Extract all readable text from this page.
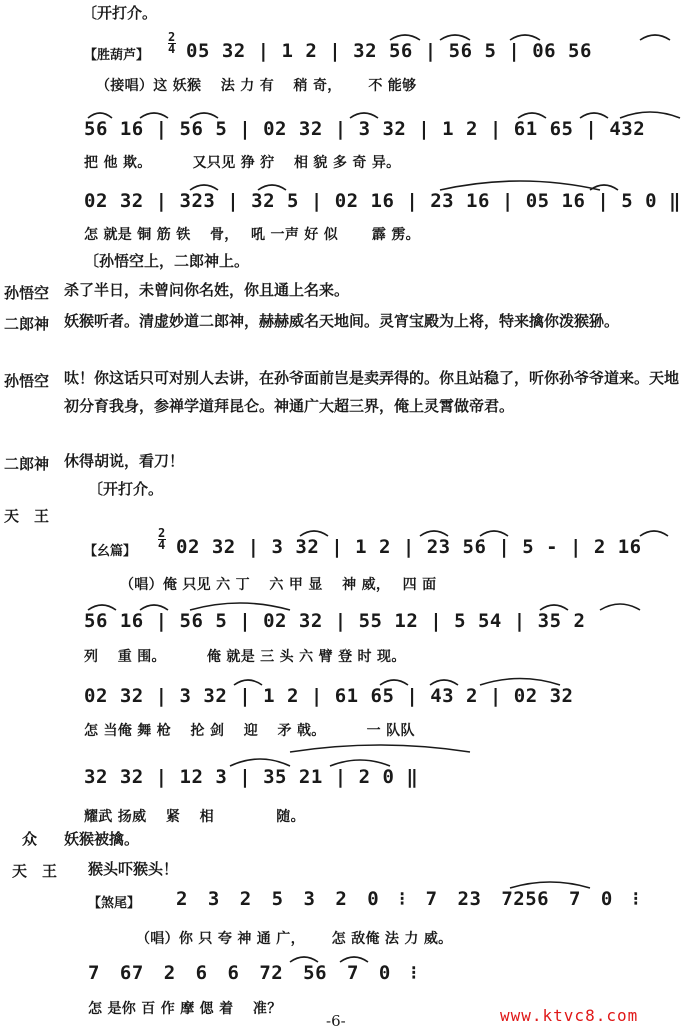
〔开打介。
【胜葫芦】
2
4 05 32 | 1 2 | 32 56 | 56 5 | 06 56
（接唱）这 妖猴　 法 力 有　 稍 奇，　　 不 能够
56 16 | 56 5 | 02 32 | 3 32 | 1 2 | 61 65 | 432
把 他 欺。　　　 又只见 狰 狞　 相 貌 多 奇 异。
02 32 | 323 | 32 5 | 02 16 | 23 16 | 05 16 | 5 0 ‖
怎 就是 铜 筋 铁　 骨，　 吼 一声 好 似　　 霹 雳。
〔孙悟空上，二郎神上。
孙悟空 杀了半日，未曾问你名姓，你且通上名来。
二郎神 妖猴听者。清虚妙道二郎神，赫赫威名天地间。灵宵宝殿为上将，特来擒你泼猴狲。
孙悟空 呔！你这话只可对别人去讲，在孙爷面前岂是卖弄得的。你且站稳了，听你孙爷爷道来。天地初分育我身，参禅学道拜昆仑。神通广大超三界，俺上灵霄做帝君。
二郎神 休得胡说，看刀！
〔开打介。
天　王
【幺篇】
2
4 02 32 | 3 32 | 1 2 | 23 56 | 5 - | 2 16
（唱）俺 只见 六 丁　 六 甲 显　 神 威，　 四 面
56 16 | 56 5 | 02 32 | 55 12 | 5 54 | 35 2
列　 重 围。　　　 俺 就是 三 头 六 臂 登 时 现。
02 32 | 3 32 | 1 2 | 61 65 | 43 2 | 02 32
怎 当俺 舞 枪　 抡 剑　 迎　 矛 戟。　　　 一 队队
32 32 | 12 3 | 35 21 | 2 0 ‖
耀武 扬威　 紧　 相　　　　 随。
众 妖猴被擒。
天　王 猴头吓猴头！
【煞尾】 2 3 2 5 3 2 0 ⁝ 7 23 7256 7 0 ⁝
（唱）你 只 夸 神 通 广，　　 怎 敌俺 法 力 威。
7 67 2 6 6 72 56 7 0 ⁝
怎 是你 百 作 摩 偲 着　 准？
-6-	www.ktvc8.com
